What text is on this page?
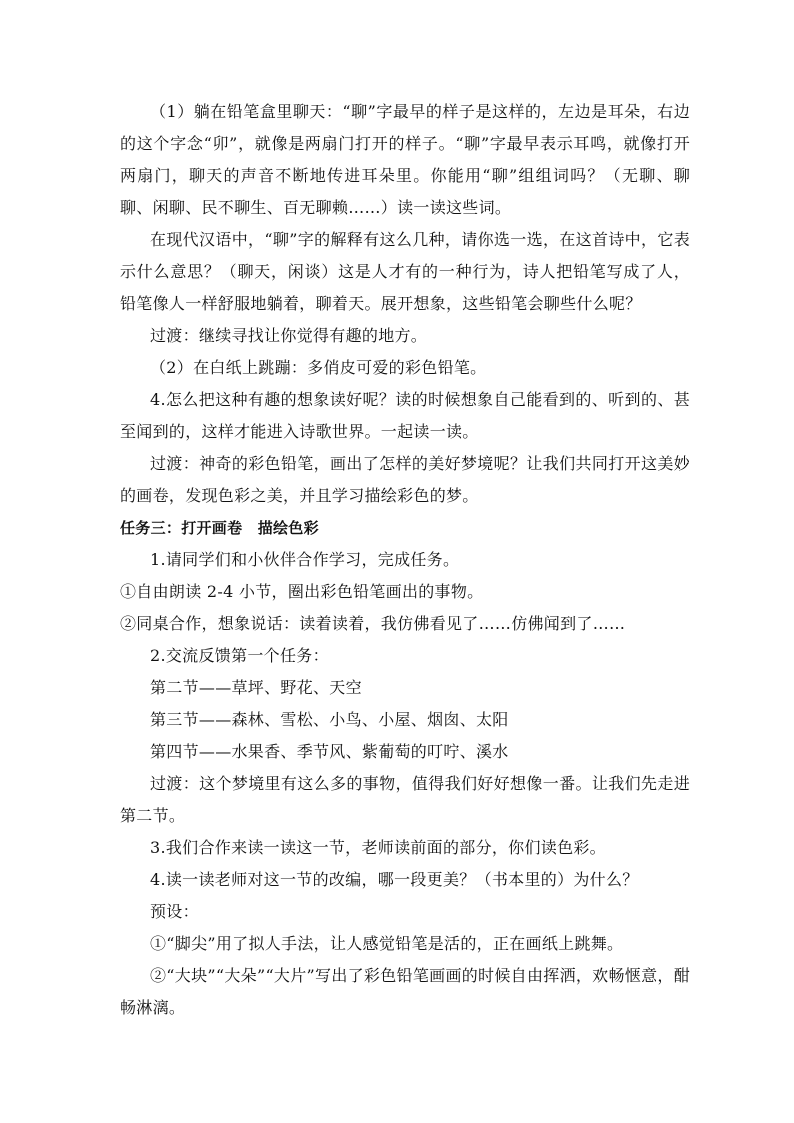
（1）躺在铅笔盒里聊天：“聊”字最早的样子是这样的，左边是耳朵，右边的这个字念“卯”，就像是两扇门打开的样子。“聊”字最早表示耳鸣，就像打开两扇门，聊天的声音不断地传进耳朵里。你能用“聊”组组词吗？（无聊、聊聊、闲聊、民不聊生、百无聊赖……）读一读这些词。

在现代汉语中，“聊”字的解释有这么几种，请你选一选，在这首诗中，它表示什么意思？（聊天，闲谈）这是人才有的一种行为，诗人把铅笔写成了人，铅笔像人一样舒服地躺着，聊着天。展开想象，这些铅笔会聊些什么呢？

过渡：继续寻找让你觉得有趣的地方。

（2）在白纸上跳蹦：多俏皮可爱的彩色铅笔。

4.怎么把这种有趣的想象读好呢？读的时候想象自己能看到的、听到的、甚至闻到的，这样才能进入诗歌世界。一起读一读。

过渡：神奇的彩色铅笔，画出了怎样的美好梦境呢？让我们共同打开这美妙的画卷，发现色彩之美，并且学习描绘彩色的梦。

任务三：打开画卷　描绘色彩

1.请同学们和小伙伴合作学习，完成任务。

①自由朗读 2-4 小节，圈出彩色铅笔画出的事物。

②同桌合作，想象说话：读着读着，我仿佛看见了……仿佛闻到了……

2.交流反馈第一个任务：

第二节——草坪、野花、天空

第三节——森林、雪松、小鸟、小屋、烟囱、太阳

第四节——水果香、季节风、紫葡萄的叮咛、溪水

过渡：这个梦境里有这么多的事物，值得我们好好想像一番。让我们先走进第二节。

3.我们合作来读一读这一节，老师读前面的部分，你们读色彩。

4.读一读老师对这一节的改编，哪一段更美？（书本里的）为什么？

预设：

①“脚尖”用了拟人手法，让人感觉铅笔是活的，正在画纸上跳舞。

②“大块”“大朵”“大片”写出了彩色铅笔画画的时候自由挥洒，欢畅惬意，酣畅淋漓。
